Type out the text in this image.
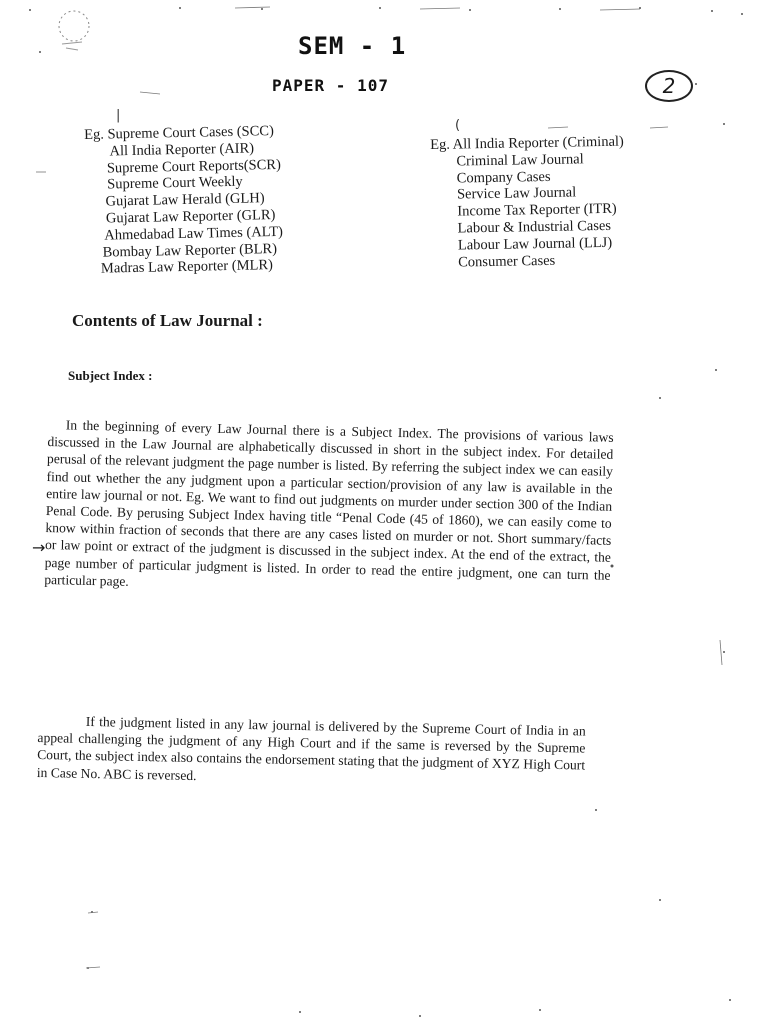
SEM - 1
PAPER - 107	2
|
(
Eg. Supreme Court Cases (SCC)
All India Reporter (AIR)
Supreme Court Reports(SCR)
Supreme Court Weekly
Gujarat Law Herald (GLH)
Gujarat Law Reporter (GLR)
Ahmedabad Law Times (ALT)
Bombay Law Reporter (BLR)
Madras Law Reporter (MLR)
Eg. All India Reporter (Criminal)
Criminal Law Journal
Company Cases
Service Law Journal
Income Tax Reporter (ITR)
Labour & Industrial Cases
Labour Law Journal (LLJ)
Consumer Cases
Contents of Law Journal :
Subject Index :
→
In the beginning of every Law Journal there is a Subject Index. The provisions of various laws discussed in the Law Journal are alphabetically discussed in short in the subject index. For detailed perusal of the relevant judgment the page number is listed. By referring the subject index we can easily find out whether the any judgment upon a particular section/provision of any law is available in the entire law journal or not. Eg. We want to find out judgments on murder under section 300 of the Indian Penal Code. By perusing Subject Index having title “Penal Code (45 of 1860), we can easily come to know within fraction of seconds that there are any cases listed on murder or not. Short summary/facts or law point or extract of the judgment is discussed in the subject index. At the end of the extract, the page number of particular judgment is listed. In order to read the entire judgment, one can turn the particular page.
If the judgment listed in any law journal is delivered by the Supreme Court of India in an appeal challenging the judgment of any High Court and if the same is reversed by the Supreme Court, the subject index also contains the endorsement stating that the judgment of XYZ High Court in Case No. ABC is reversed.
